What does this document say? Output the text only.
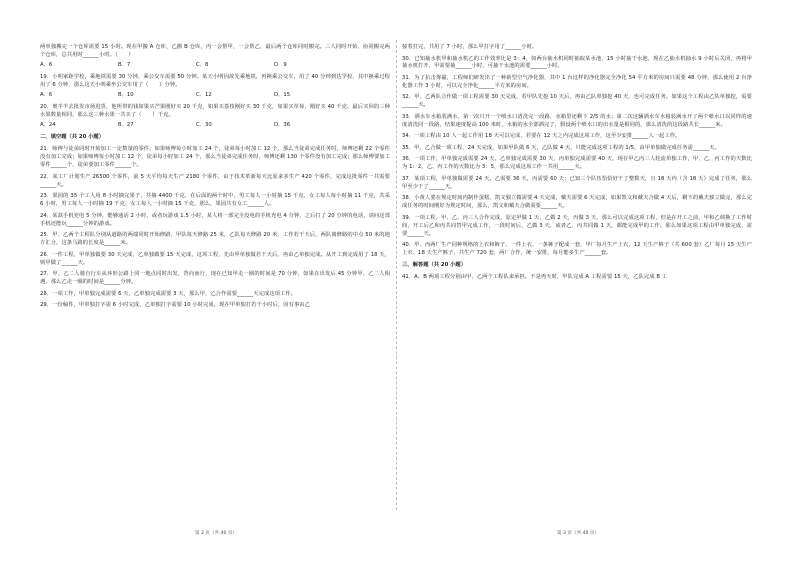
两单独搬完一个仓库需要 15 小时。现在甲搬 A 仓库，乙搬 B 仓库，丙一会帮甲，一会帮乙，最后两个仓库同时搬完。三人同时开始，协同搬完两个仓库，总共用时______小时。（　　）

A．6	B．7	C．8	D．9

19．小明家距学校，乘地铁需要 30 分钟，乘公交车需要 50 分钟。某天小明因故先乘地铁，再换乘公交车，用了 40 分钟到达学校，其中换乘过程用了 6 分钟，那么这天小明乘坐公交车用了（　　）分钟。

A．6	B．10	C．12	D．15

20．奥羊羊去批发市场进货，他所带的钱如果买芒果刚好买 20 千克，如果买荔枝刚好买 30 千克，如果买草莓，刚好买 40 千克。最后买回的三种水果数量相同，那么这三种水果一共买了（　　）千克。

A．24	B．27	C．30	D．36
二、填空题（共 20 小题）

21．师傅与徒弟同时开始加工一定数量的零件，如果师傅每小时加工 24 个，徒弟每小时加工 12 个，那么当徒弟完成任务时，师傅还剩 22 个零件没有加工完成；如果师傅每小时加工 12 个，徒弟每小时加工 24 个，那么当徒弟完成任务时，师傅还剩 130 个零件没有加工完成；那么师傅要加工零件______个，徒弟要加工零件______个。

22．某工厂计划生产 26500 个零件，前 5 天平均每天生产 2180 个零件，由于技术革新每天比原来多生产 420 个零件，完成这批零件一共需要______天。

23．果园的 35 个工人用 8 小时摘完果子，共摘 4400 千克，在后面的两个时中，男工每人一小时摘 15 千克，女工每人每小时摘 11 千克，共采 6 小时，男工每人一小时摘 19 千克，女工每人一小时摘 15 千克，那么，果园共有女工______人。

24．某款手机充电 5 分钟，能够通话 2 小时，或者玩游戏 1.5 小时，某人将一部完全没电的手机充电 4 分钟，之后打了 20 分钟的电话，请问这部手机还能玩______分钟的游戏。

25．甲、乙两个工程队分别从道路的两端同时开始修路，甲队每天修路 25 米，乙队每天修路 20 米，工作若干天后，两队离修路的中点 50 米的地方汇合，这条马路的长度是______米。

26．一件工程，甲单独做要 30 天完成，乙单独做要 15 天完成，这项工程，先由甲单独做若干天后，再由乙单独完成。从开工到完成用了 18 天，则甲做了______天。

27．甲、乙二人骑自行车从环形公路上同一地点同时出发，背向而行，现在已知甲走一圈的时间是 70 分钟，如果在出发后 45 分钟甲、乙二人相遇，那么乙走一圈的时间是______分钟。

28．一项工作，甲单独完成需要 6 天，乙单独完成需要 3 天，那么甲、乙合作需要______天完成这项工作。

29．一份稿件，甲单独打字需 6 小时完成，乙单独打字需要 10 小时完成，现在甲单独打若干小时后，因有事由乙

接着打完，共用了 7 小时，那么甲打字用了______小时。

30．已知抽水机甲和抽水机乙的工作效率比是 3：4，如两台抽水机同时抽取某水池，15 小时抽干水池，现在乙抽水机抽水 9 小时后关闭，再将甲抽水机打开，甲需要抽______小时，可抽干水池的需要______小时。

31．为了抗击雾霾，工程师们研发出了一种新型空气净化器，其中 1 台这样的净化器完全净化 54 平方米的房间只需要 48 分钟，那么使用 2 台净化器工作 3 小时，可以完全净化______平方米的房间。

32．甲、乙两队合作做一项工程需要 30 天完成，若甲队先挖 10 天后，再由乙队单独挖 40 天，也可完成任务。如果这个工程由乙队单独挖，需要______天。

33．洒水车水箱装满水，第一次只开一个喷水口清洗完一段路，水箱里还剩下 2/5 的水；第二次这辆洒水车水箱装满水开了两个喷水口以同样的速度清洗同一段路，结果速度提高 100 米时，水箱的水全部洒完了，假设两个喷水口的出水量是相同的，那么清洗的这段路共长______米。

34．一项工程由 10 人一起工作用 18 天可以完成，若要在 12 天之内完成这项工作，这至少安排______人一起工作。

35．甲、乙合做一项工程，24 天完成，如果甲队做 6 天，乙队做 4 天，只能完成这项工程的 1/5，由甲单独做完成任务需______天。

36．一项工作，甲单独完成需要 24 天，乙单独完成需要 30 天，丙单独完成需要 40 天，现在甲乙丙三人轮流单独工作，甲、乙、丙工作的天数比为 1：2，乙、丙工作的天数比为 3：5，那么完成这项工作一共用______天。

37．某项工程，甲单独做需要 24 天，乙需要 36 天，丙需要 60 天；已知三个队伍恰恰好干了整数天，且 18 天内（含 18 天）完成了任务，那么甲至少干了______天。

38．小黄人要在规定时间内制作蛋糕，凯文独立做需要 4 天完成，戴夫需要 6 天完成，如果凯文和戴夫合做 4 天后，剩下的戴夫独立做完，那么完成任务的时间刚好为规定时间，那么，凯文和戴夫合做需要______天。

39．一项工程，甲、乙、丙三人合作完成，原定甲做 1 天，乙做 2 天，丙做 3 天，那么可以完成这项工程，但是在开工之前，甲和乙调换了工作时间，开工后乙和丙共同替甲完成工作，一段时间后，乙做 3 天，或者乙、丙共同做 1 天，都能完成甲的工作。那么如果这项工程由甲单独完成，需要______天。

40．甲、丙两厂生产同种规格的上衣和裤子，一件上衣、一条裤子配成一套，甲厂每月生产上衣、12 天生产裤子（共 600 套）乙厂每月 15 天生产上衣、18 天生产裤子，共生产 720 套，两厂合作，统一安排，每月能多生产______套。

三、解答题（共 20 小题）

41．A、B 两项工程分别由甲、乙两个工程队来承担。不是再天时，甲队完成 A 工程需要 15 天，乙队完成 B 工

第 2 页（共 40 页）	第 3 页（共 40 页）
